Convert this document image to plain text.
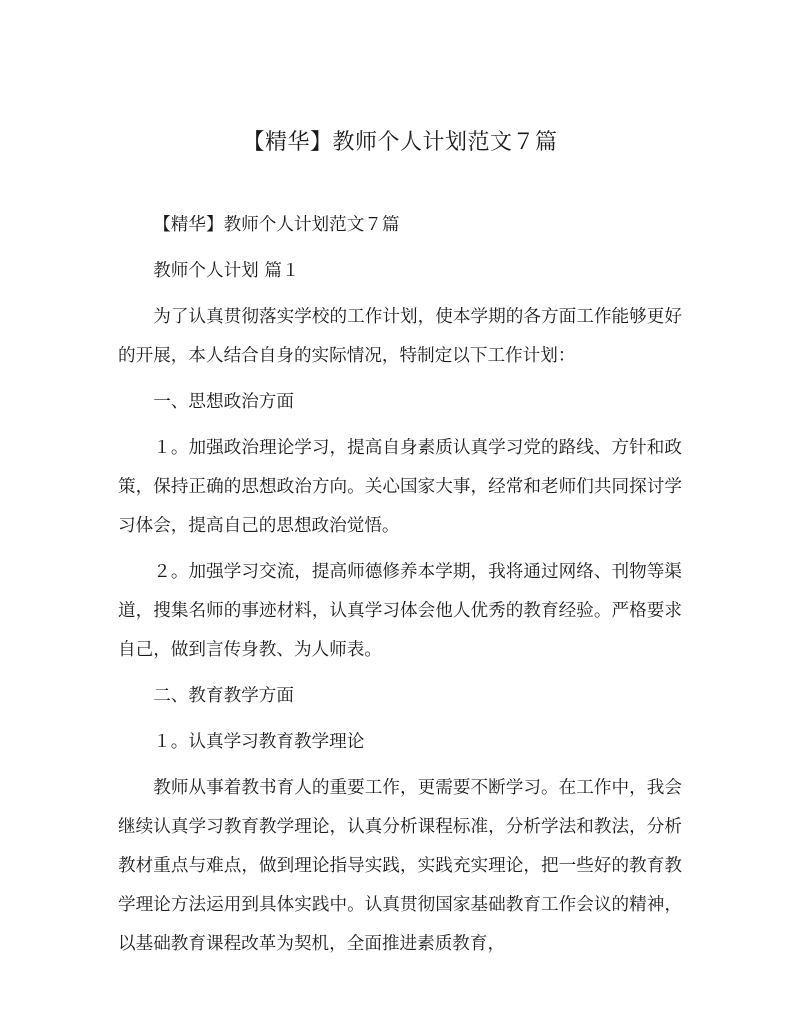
【精华】教师个人计划范文７篇

【精华】教师个人计划范文７篇

教师个人计划 篇１

为了认真贯彻落实学校的工作计划，使本学期的各方面工作能够更好的开展，本人结合自身的实际情况，特制定以下工作计划：

一、思想政治方面

１。加强政治理论学习，提高自身素质认真学习党的路线、方针和政策，保持正确的思想政治方向。关心国家大事，经常和老师们共同探讨学习体会，提高自己的思想政治觉悟。

２。加强学习交流，提高师德修养本学期，我将通过网络、刊物等渠道，搜集名师的事迹材料，认真学习体会他人优秀的教育经验。严格要求自己，做到言传身教、为人师表。

二、教育教学方面

１。认真学习教育教学理论

教师从事着教书育人的重要工作，更需要不断学习。在工作中，我会继续认真学习教育教学理论，认真分析课程标准，分析学法和教法，分析教材重点与难点，做到理论指导实践，实践充实理论，把一些好的教育教学理论方法运用到具体实践中。认真贯彻国家基础教育工作会议的精神，以基础教育课程改革为契机，全面推进素质教育，
